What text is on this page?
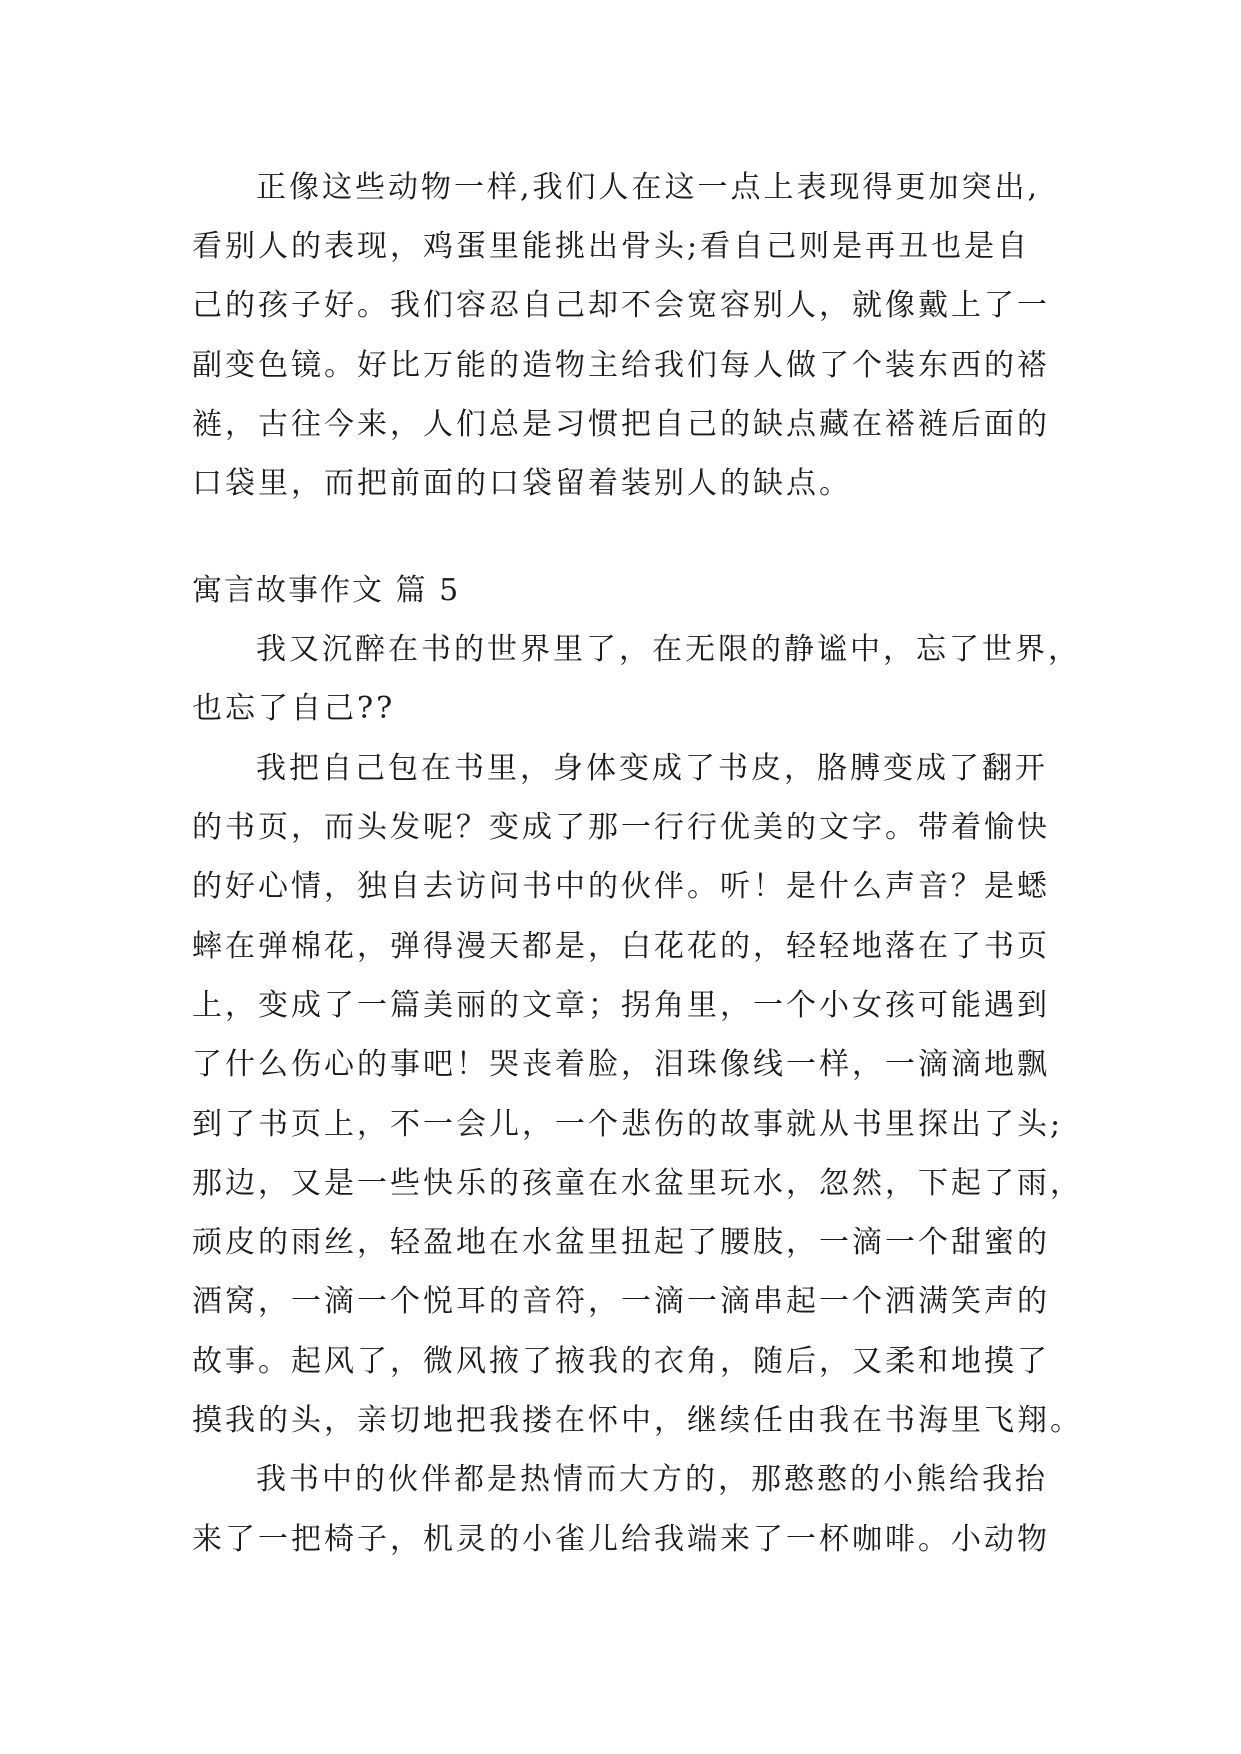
正像这些动物一样,我们人在这一点上表现得更加突出,
看别人的表现，鸡蛋里能挑出骨头;看自己则是再丑也是自
己的孩子好。我们容忍自己却不会宽容别人，就像戴上了一
副变色镜。好比万能的造物主给我们每人做了个装东西的褡
裢，古往今来，人们总是习惯把自己的缺点藏在褡裢后面的
口袋里，而把前面的口袋留着装别人的缺点。
寓言故事作文 篇 5
我又沉醉在书的世界里了，在无限的静谧中，忘了世界，
也忘了自己??
我把自己包在书里，身体变成了书皮，胳膊变成了翻开
的书页，而头发呢？变成了那一行行优美的文字。带着愉快
的好心情，独自去访问书中的伙伴。听！是什么声音？是蟋
蟀在弹棉花，弹得漫天都是，白花花的，轻轻地落在了书页
上，变成了一篇美丽的文章；拐角里，一个小女孩可能遇到
了什么伤心的事吧！哭丧着脸，泪珠像线一样，一滴滴地飘
到了书页上，不一会儿，一个悲伤的故事就从书里探出了头;
那边，又是一些快乐的孩童在水盆里玩水，忽然，下起了雨，
顽皮的雨丝，轻盈地在水盆里扭起了腰肢，一滴一个甜蜜的
酒窝，一滴一个悦耳的音符，一滴一滴串起一个洒满笑声的
故事。起风了，微风掖了掖我的衣角，随后，又柔和地摸了
摸我的头，亲切地把我搂在怀中，继续任由我在书海里飞翔。
我书中的伙伴都是热情而大方的，那憨憨的小熊给我抬
来了一把椅子，机灵的小雀儿给我端来了一杯咖啡。小动物
